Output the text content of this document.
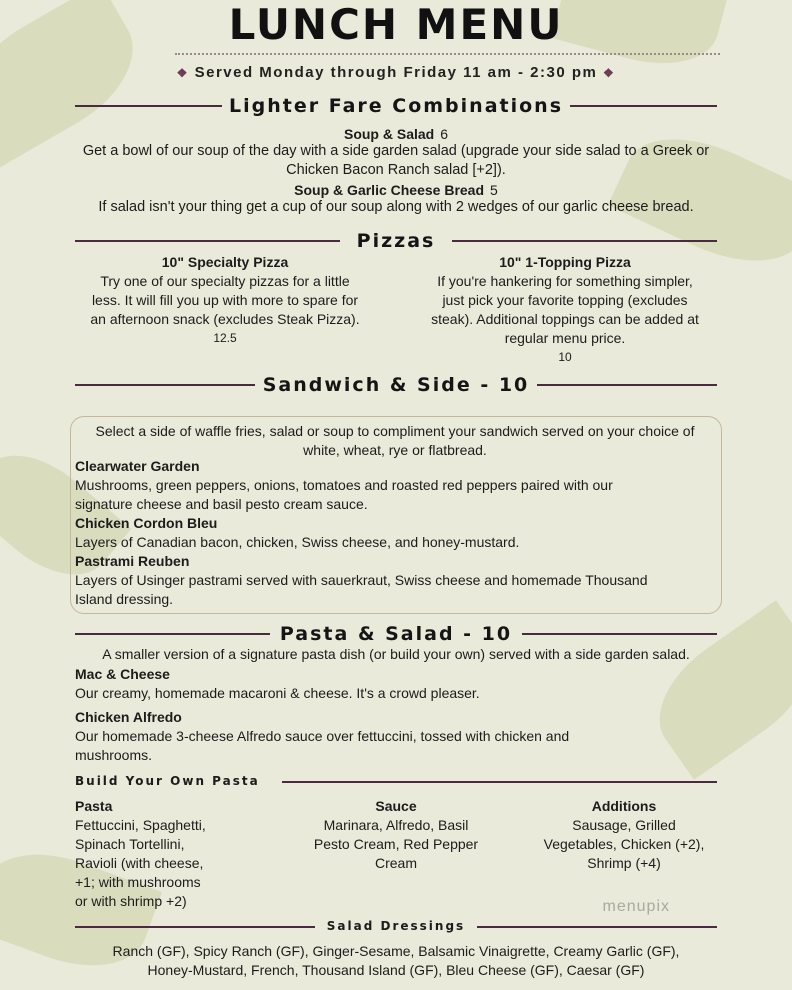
LUNCH MENU
❖ Served Monday through Friday 11 am - 2:30 pm ❖
Lighter Fare Combinations
Soup & Salad 6
Get a bowl of our soup of the day with a side garden salad (upgrade your side salad to a Greek or
Chicken Bacon Ranch salad [+2]).
Soup & Garlic Cheese Bread 5
If salad isn't your thing get a cup of our soup along with 2 wedges of our garlic cheese bread.
Pizzas
10" Specialty Pizza
Try one of our specialty pizzas for a little
less. It will fill you up with more to spare for
an afternoon snack (excludes Steak Pizza).
12.5
10" 1-Topping Pizza
If you're hankering for something simpler,
just pick your favorite topping (excludes
steak). Additional toppings can be added at
regular menu price.
10
Sandwich & Side - 10
Select a side of waffle fries, salad or soup to compliment your sandwich served on your choice of
white, wheat, rye or flatbread.
Clearwater Garden
Mushrooms, green peppers, onions, tomatoes and roasted red peppers paired with our
signature cheese and basil pesto cream sauce.
Chicken Cordon Bleu
Layers of Canadian bacon, chicken, Swiss cheese, and honey-mustard.
Pastrami Reuben
Layers of Usinger pastrami served with sauerkraut, Swiss cheese and homemade Thousand
Island dressing.
Pasta & Salad - 10
A smaller version of a signature pasta dish (or build your own) served with a side garden salad.
Mac & Cheese
Our creamy, homemade macaroni & cheese. It's a crowd pleaser.
Chicken Alfredo
Our homemade 3-cheese Alfredo sauce over fettuccini, tossed with chicken and
mushrooms.
Build Your Own Pasta
Pasta
Fettuccini, Spaghetti,
Spinach Tortellini,
Ravioli (with cheese,
+1; with mushrooms
or with shrimp +2)
Sauce
Marinara, Alfredo, Basil
Pesto Cream, Red Pepper
Cream
Additions
Sausage, Grilled
Vegetables, Chicken (+2),
Shrimp (+4)
menupix
Salad Dressings
Ranch (GF), Spicy Ranch (GF), Ginger-Sesame, Balsamic Vinaigrette, Creamy Garlic (GF),
Honey-Mustard, French, Thousand Island (GF), Bleu Cheese (GF), Caesar (GF)
